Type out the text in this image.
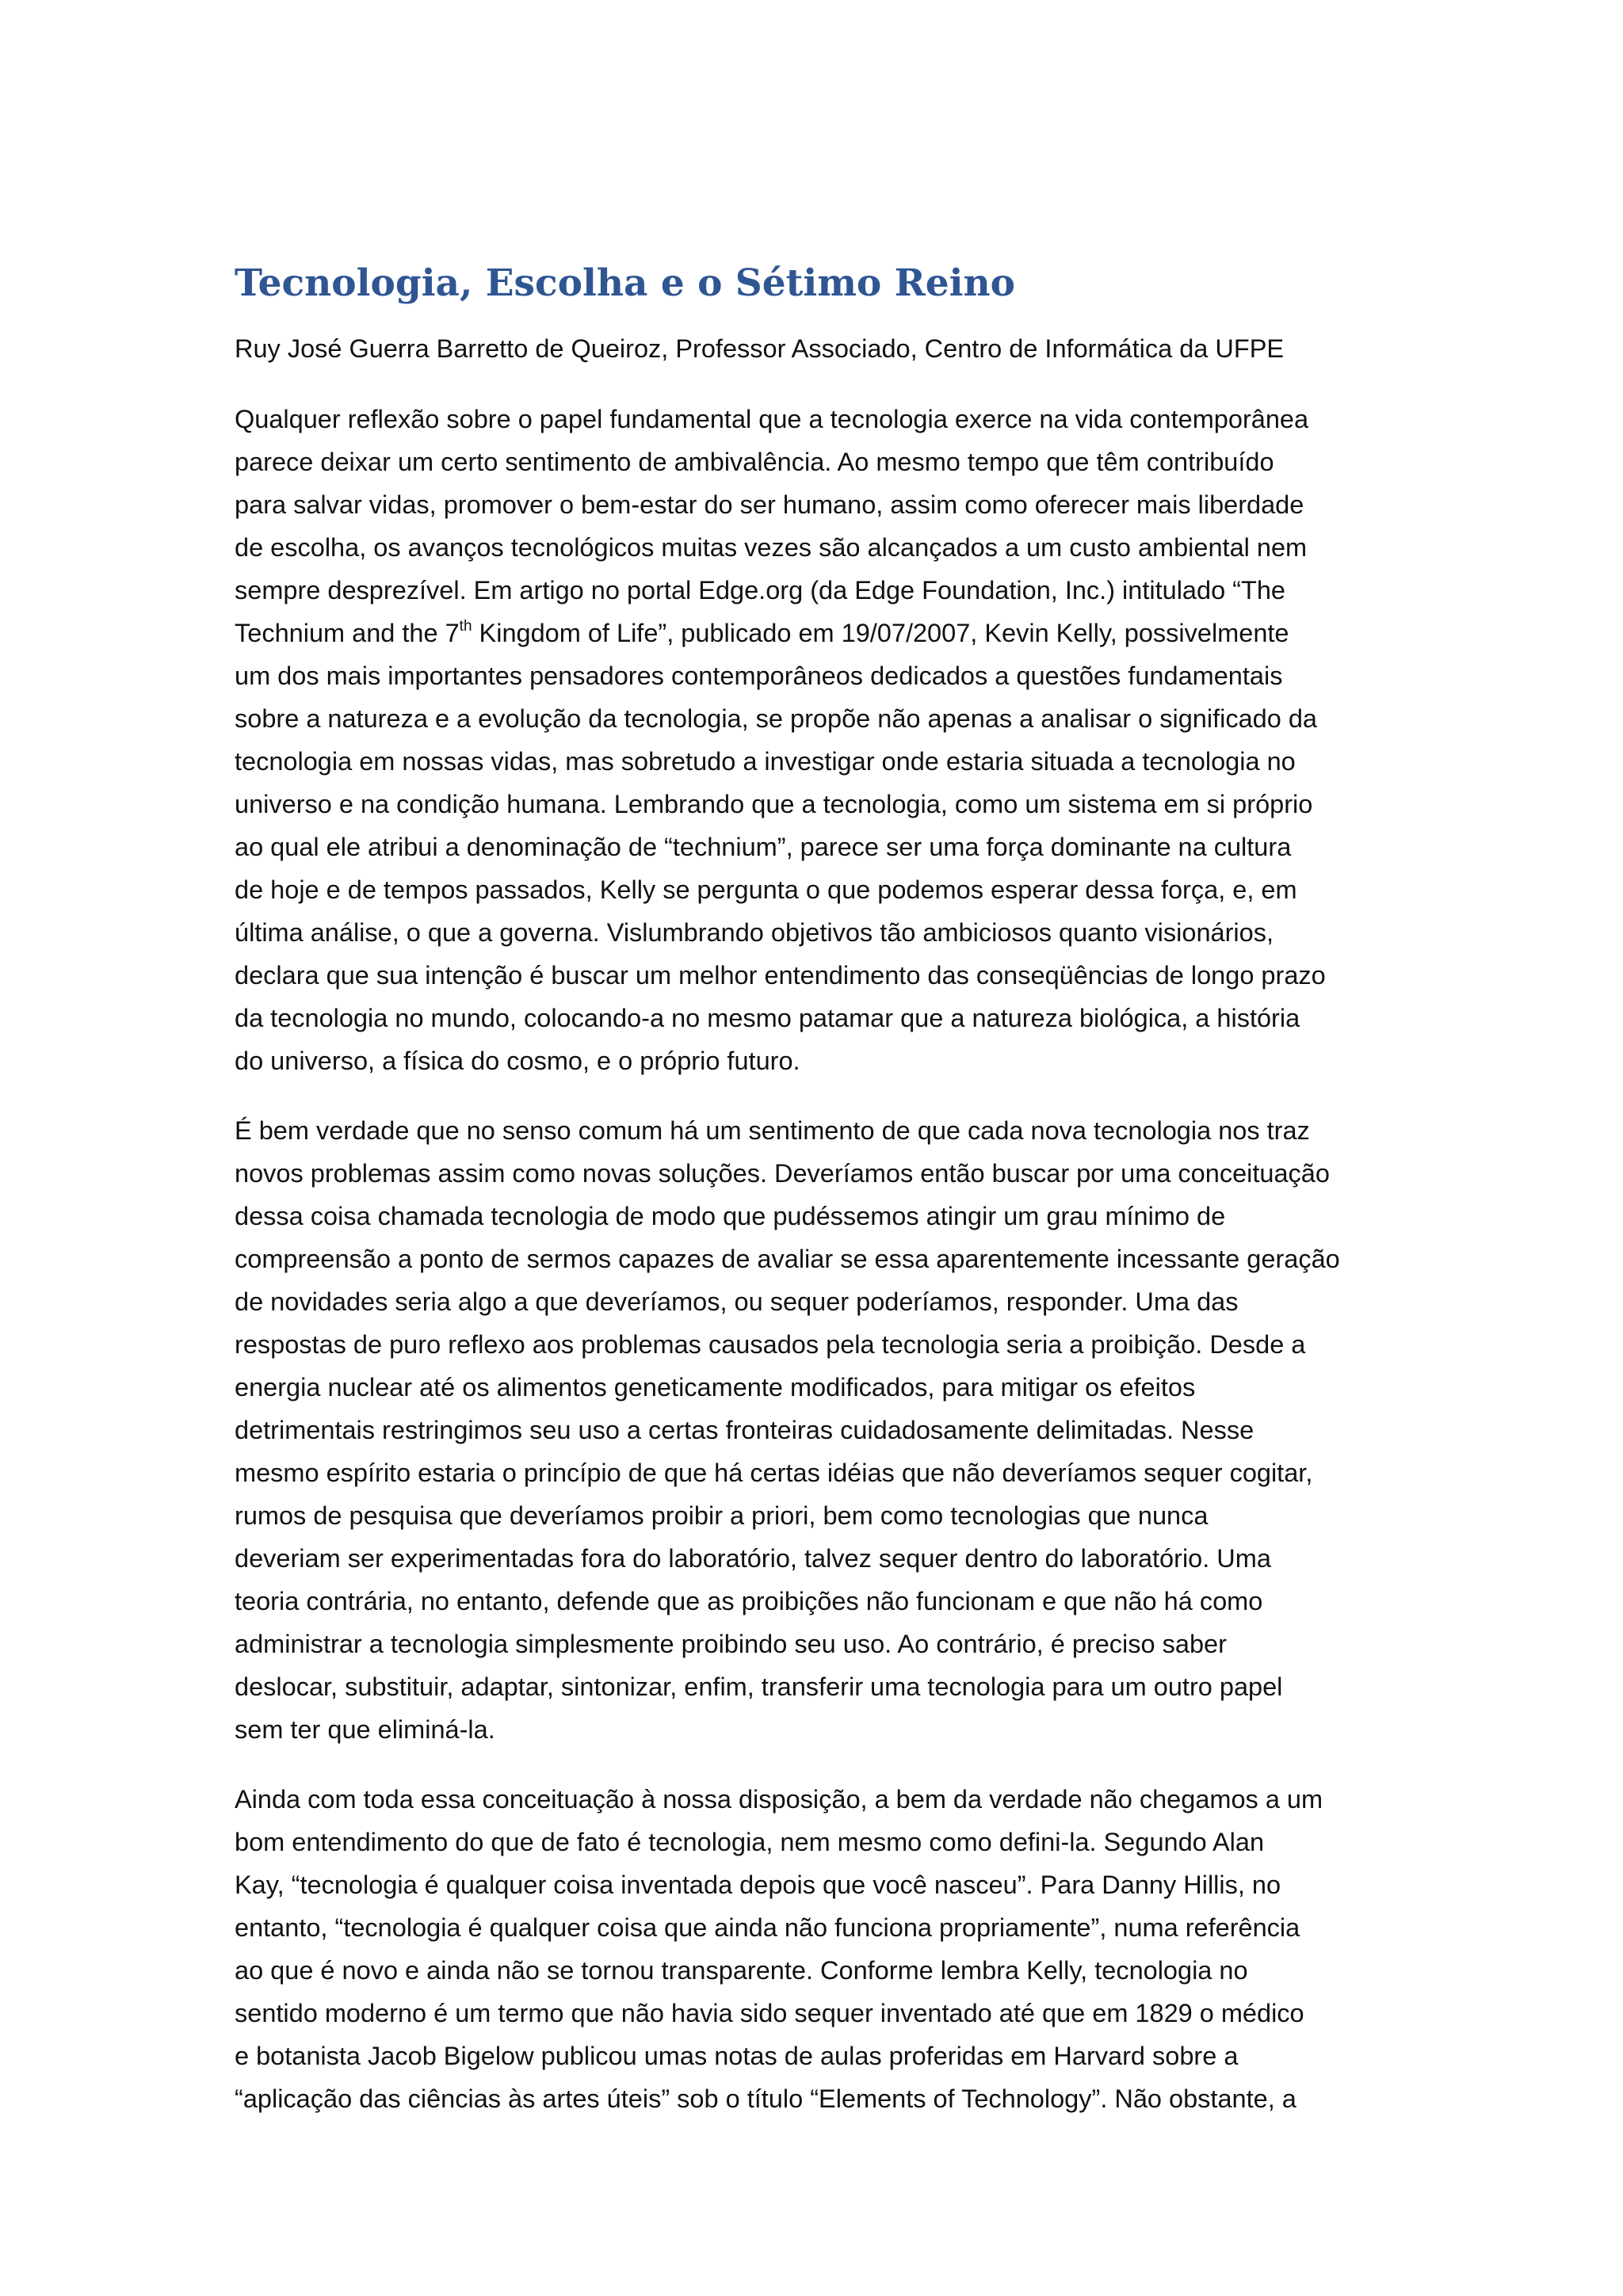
Tecnologia, Escolha e o Sétimo Reino
Ruy José Guerra Barretto de Queiroz, Professor Associado, Centro de Informática da UFPE
Qualquer reflexão sobre o papel fundamental que a tecnologia exerce na vida contemporânea
parece deixar um certo sentimento de ambivalência. Ao mesmo tempo que têm contribuído
para salvar vidas, promover o bem-estar do ser humano, assim como oferecer mais liberdade
de escolha, os avanços tecnológicos muitas vezes são alcançados a um custo ambiental nem
sempre desprezível. Em artigo no portal Edge.org (da Edge Foundation, Inc.) intitulado “The
Technium and the 7th Kingdom of Life”, publicado em 19/07/2007, Kevin Kelly, possivelmente
um dos mais importantes pensadores contemporâneos dedicados a questões fundamentais
sobre a natureza e a evolução da tecnologia, se propõe não apenas a analisar o significado da
tecnologia em nossas vidas, mas sobretudo a investigar onde estaria situada a tecnologia no
universo e na condição humana. Lembrando que a tecnologia, como um sistema em si próprio
ao qual ele atribui a denominação de “technium”, parece ser uma força dominante na cultura
de hoje e de tempos passados, Kelly se pergunta o que podemos esperar dessa força, e, em
última análise, o que a governa. Vislumbrando objetivos tão ambiciosos quanto visionários,
declara que sua intenção é buscar um melhor entendimento das conseqüências de longo prazo
da tecnologia no mundo, colocando-a no mesmo patamar que a natureza biológica, a história
do universo, a física do cosmo, e o próprio futuro.
É bem verdade que no senso comum há um sentimento de que cada nova tecnologia nos traz
novos problemas assim como novas soluções. Deveríamos então buscar por uma conceituação
dessa coisa chamada tecnologia de modo que pudéssemos atingir um grau mínimo de
compreensão a ponto de sermos capazes de avaliar se essa aparentemente incessante geração
de novidades seria algo a que deveríamos, ou sequer poderíamos, responder. Uma das
respostas de puro reflexo aos problemas causados pela tecnologia seria a proibição. Desde a
energia nuclear até os alimentos geneticamente modificados, para mitigar os efeitos
detrimentais restringimos seu uso a certas fronteiras cuidadosamente delimitadas. Nesse
mesmo espírito estaria o princípio de que há certas idéias que não deveríamos sequer cogitar,
rumos de pesquisa que deveríamos proibir a priori, bem como tecnologias que nunca
deveriam ser experimentadas fora do laboratório, talvez sequer dentro do laboratório. Uma
teoria contrária, no entanto, defende que as proibições não funcionam e que não há como
administrar a tecnologia simplesmente proibindo seu uso. Ao contrário, é preciso saber
deslocar, substituir, adaptar, sintonizar, enfim, transferir uma tecnologia para um outro papel
sem ter que eliminá-la.
Ainda com toda essa conceituação à nossa disposição, a bem da verdade não chegamos a um
bom entendimento do que de fato é tecnologia, nem mesmo como defini-la. Segundo Alan
Kay, “tecnologia é qualquer coisa inventada depois que você nasceu”. Para Danny Hillis, no
entanto, “tecnologia é qualquer coisa que ainda não funciona propriamente”, numa referência
ao que é novo e ainda não se tornou transparente. Conforme lembra Kelly, tecnologia no
sentido moderno é um termo que não havia sido sequer inventado até que em 1829 o médico
e botanista Jacob Bigelow publicou umas notas de aulas proferidas em Harvard sobre a
“aplicação das ciências às artes úteis” sob o título “Elements of Technology”. Não obstante, a
